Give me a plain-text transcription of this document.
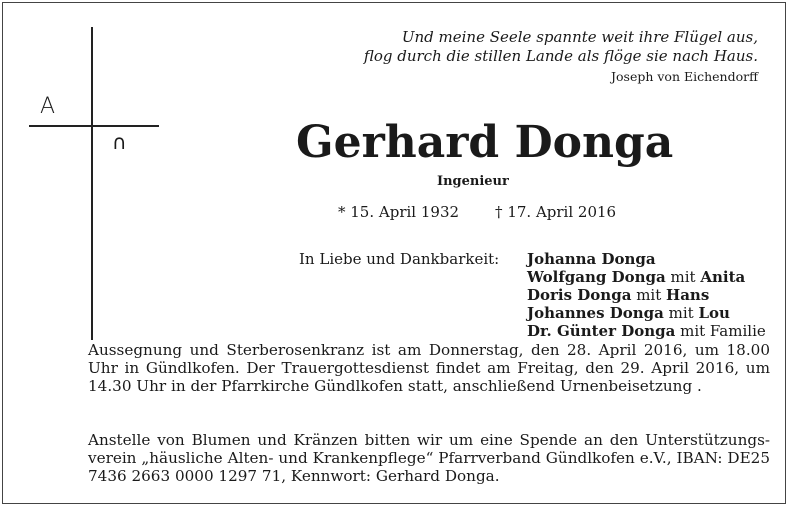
Und meine Seele spannte weit ihre Flügel aus,
flog durch die stillen Lande als flöge sie nach Haus.
Joseph von Eichendorff
A
∩	Gerhard Donga
Ingenieur
* 15. April 1932 † 17. April 2016
In Liebe und Dankbarkeit: Johanna Donga
Wolfgang Donga mit Anita
Doris Donga mit Hans
Johannes Donga mit Lou
Dr. Günter Donga mit Familie
Aussegnung und Sterberosenkranz ist am Donnerstag, den 28. April 2016, um 18.00 Uhr in Gündlkofen. Der Trauergottesdienst findet am Freitag, den 29. April 2016, um 14.30 Uhr in der Pfarrkirche Gündlkofen statt, anschließend Urnenbeisetzung .
Anstelle von Blumen und Kränzen bitten wir um eine Spende an den Unterstützungs-verein „häusliche Alten- und Krankenpflege“ Pfarrverband Gündlkofen e.V., IBAN: DE25 7436 2663 0000 1297 71, Kennwort: Gerhard Donga.
